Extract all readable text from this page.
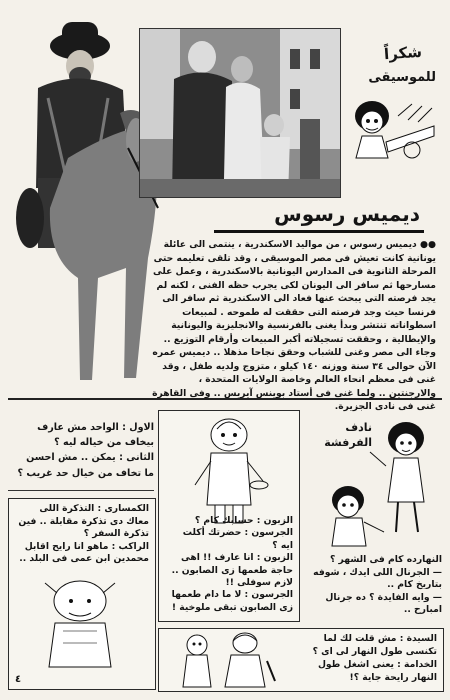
شكراً
للموسيقى
ديميس رسوس
●● ديميس رسوس ، من مواليد الاسكندرية ، ينتمى الى عائلة يونانية كانت تعيش فى مصر الموسيقى ، وقد تلقى تعليمه حتى المرحلة الثانوية فى المدارس اليونانية بالاسكندرية ، وعمل على مسارحها ثم سافر الى اليونان لكى يجرب حظه الفنى ، لكنه لم يجد فرصته التى يبحث عنها فعاد الى الاسكندرية ثم سافر الى فرنسا حيث وجد فرصته التى حققت له طموحه . لمبيعات اسطواناته تنتشر وبدأ يغنى بالفرنسية والانجليزية واليونانية والإيطالية ، وحققت تسجيلاته أكبر المبيعات وأرقام التوزيع .. وجاء الى مصر وغنى للشباب وحقق نجاحا مذهلا .. ديميس عمره الآن حوالى ٣٤ سنة ووزنه ١٤٠ كيلو ، متزوج ولديه طفل ، وقد غنى فى معظم انحاء العالم وخاصة الولايات المتحدة ، والارجنتين .. ولما غنى فى أستاد بوينس آيريس .. وفى القاهرة غنى فى نادى الجزيرة.
الاول : الواحد مش عارف
بيخاف من خياله ليه ؟
الثانى : يمكن .. مش احسن
ما تخاف من خيال حد غريب ؟
الزبون : حسابك كام ؟
الجرسون : حضرتك أكلت
ايه ؟
الزبون : انا عارف !! اهى
حاجة طعمها زى الصابون ..
لازم سوفلى !!
الجرسون : لا ما دام طعمها
زى الصابون تبقى ملوخية !
الكمسارى : التذكرة اللى
معاك دى تذكرة مقابلة .. فين
تذكرة السفر ؟
الراكب : ماهو انا رايح اقابل
محمدين ابن عمى فى البلد ..
٤
نادف الفرفشة
النهارده كام فى الشهر ؟
— الجرنال اللى ايدك ، شوفه
بتاريخ كام ..
— وايه الفايدة ؟ ده جرنال
امبارح ..
السيدة : مش قلت لك لما
تكنسى طول النهار لى اى ؟
الخدامة : يعنى اشغل طول
النهار رايحة جاية ؟!
